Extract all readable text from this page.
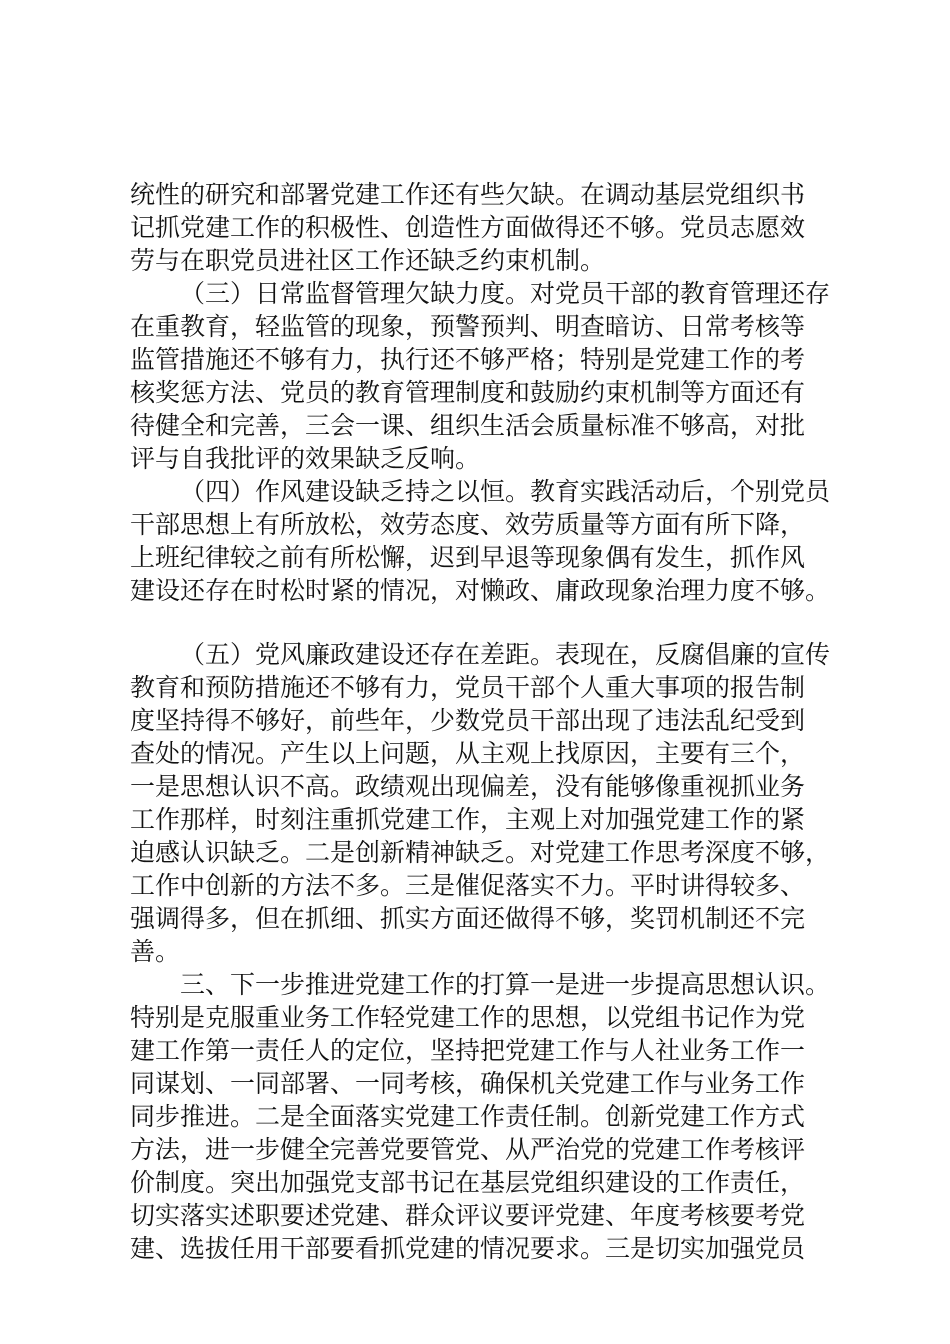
统性的研究和部署党建工作还有些欠缺。在调动基层党组织书
记抓党建工作的积极性、创造性方面做得还不够。党员志愿效
劳与在职党员进社区工作还缺乏约束机制。
（三）日常监督管理欠缺力度。对党员干部的教育管理还存
在重教育，轻监管的现象，预警预判、明查暗访、日常考核等
监管措施还不够有力，执行还不够严格；特别是党建工作的考
核奖惩方法、党员的教育管理制度和鼓励约束机制等方面还有
待健全和完善，三会一课、组织生活会质量标准不够高，对批
评与自我批评的效果缺乏反响。
（四）作风建设缺乏持之以恒。教育实践活动后，个别党员
干部思想上有所放松，效劳态度、效劳质量等方面有所下降，
上班纪律较之前有所松懈，迟到早退等现象偶有发生，抓作风
建设还存在时松时紧的情况，对懒政、庸政现象治理力度不够。
（五）党风廉政建设还存在差距。表现在，反腐倡廉的宣传
教育和预防措施还不够有力，党员干部个人重大事项的报告制
度坚持得不够好，前些年，少数党员干部出现了违法乱纪受到
查处的情况。产生以上问题，从主观上找原因，主要有三个，
一是思想认识不高。政绩观出现偏差，没有能够像重视抓业务
工作那样，时刻注重抓党建工作，主观上对加强党建工作的紧
迫感认识缺乏。二是创新精神缺乏。对党建工作思考深度不够，
工作中创新的方法不多。三是催促落实不力。平时讲得较多、
强调得多，但在抓细、抓实方面还做得不够，奖罚机制还不完
善。
三、下一步推进党建工作的打算一是进一步提高思想认识。
特别是克服重业务工作轻党建工作的思想，以党组书记作为党
建工作第一责任人的定位，坚持把党建工作与人社业务工作一
同谋划、一同部署、一同考核，确保机关党建工作与业务工作
同步推进。二是全面落实党建工作责任制。创新党建工作方式
方法，进一步健全完善党要管党、从严治党的党建工作考核评
价制度。突出加强党支部书记在基层党组织建设的工作责任，
切实落实述职要述党建、群众评议要评党建、年度考核要考党
建、选拔任用干部要看抓党建的情况要求。三是切实加强党员
